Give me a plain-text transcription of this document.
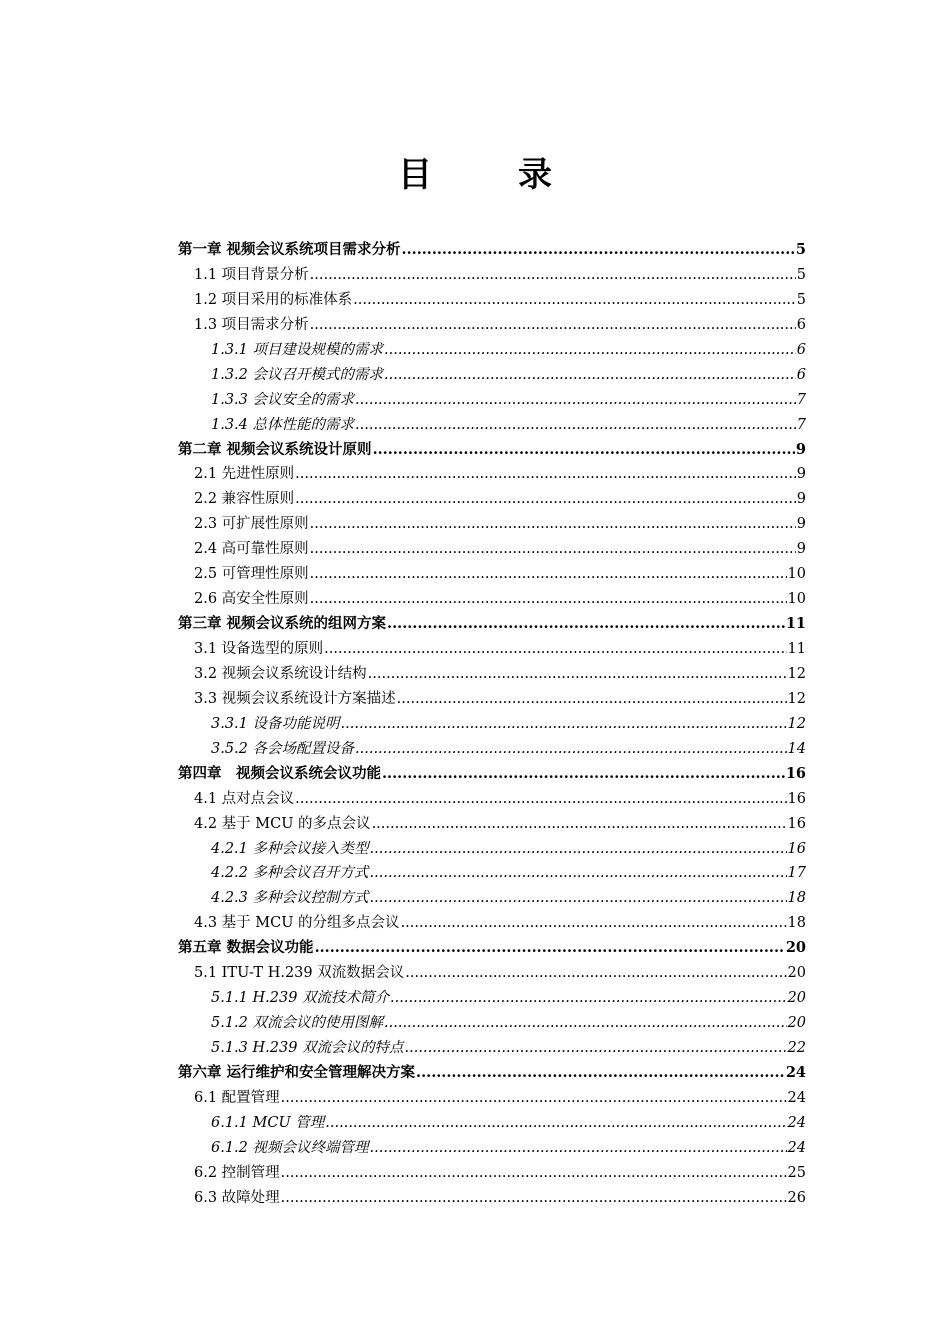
目　录
第一章 视频会议系统项目需求分析 .....	5
1.1 项目背景分析 .....	5
1.2 项目采用的标准体系 .....	5
1.3 项目需求分析 .....	6
1.3.1 项目建设规模的需求 .....	6
1.3.2 会议召开模式的需求 .....	6
1.3.3 会议安全的需求 .....	7
1.3.4 总体性能的需求 .....	7
第二章 视频会议系统设计原则 .....	9
2.1 先进性原则 .....	9
2.2 兼容性原则 .....	9
2.3 可扩展性原则 .....	9
2.4 高可靠性原则 .....	9
2.5 可管理性原则 .....	10
2.6 高安全性原则 .....	10
第三章 视频会议系统的组网方案 .....	11
3.1 设备选型的原则 .....	11
3.2 视频会议系统设计结构 .....	12
3.3 视频会议系统设计方案描述 .....	12
3.3.1 设备功能说明 .....	12
3.5.2 各会场配置设备 .....	14
第四章　视频会议系统会议功能 .....	16
4.1 点对点会议 .....	16
4.2 基于 MCU 的多点会议 .....	16
4.2.1 多种会议接入类型 .....	16
4.2.2 多种会议召开方式 .....	17
4.2.3 多种会议控制方式 .....	18
4.3 基于 MCU 的分组多点会议 .....	18
第五章 数据会议功能 .....	20
5.1 ITU-T H.239 双流数据会议 .....	20
5.1.1 H.239 双流技术简介 .....	20
5.1.2 双流会议的使用图解 .....	20
5.1.3 H.239 双流会议的特点 .....	22
第六章 运行维护和安全管理解决方案 .....	24
6.1 配置管理 .....	24
6.1.1 MCU 管理 .....	24
6.1.2 视频会议终端管理 .....	24
6.2 控制管理 .....	25
6.3 故障处理 .....	26
